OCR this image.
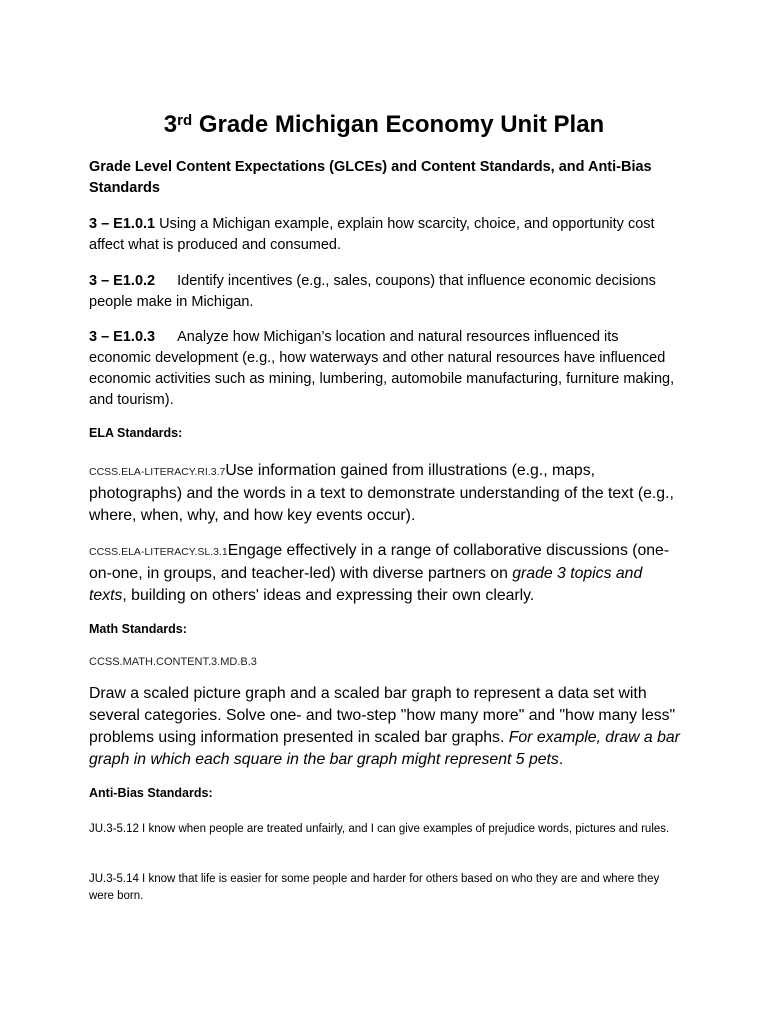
3rd Grade Michigan Economy Unit Plan
Grade Level Content Expectations (GLCEs) and Content Standards, and Anti-Bias Standards
3 – E1.0.1 Using a Michigan example, explain how scarcity, choice, and opportunity cost affect what is produced and consumed.
3 – E1.0.2 Identify incentives (e.g., sales, coupons) that influence economic decisions people make in Michigan.
3 – E1.0.3 Analyze how Michigan’s location and natural resources influenced its economic development (e.g., how waterways and other natural resources have influenced economic activities such as mining, lumbering, automobile manufacturing, furniture making, and tourism).
ELA Standards:
CCSS.ELA-LITERACY.RI.3.7Use information gained from illustrations (e.g., maps, photographs) and the words in a text to demonstrate understanding of the text (e.g., where, when, why, and how key events occur).
CCSS.ELA-LITERACY.SL.3.1Engage effectively in a range of collaborative discussions (one-on-one, in groups, and teacher-led) with diverse partners on grade 3 topics and texts, building on others' ideas and expressing their own clearly.
Math Standards:
CCSS.MATH.CONTENT.3.MD.B.3
Draw a scaled picture graph and a scaled bar graph to represent a data set with several categories. Solve one- and two-step "how many more" and "how many less" problems using information presented in scaled bar graphs. For example, draw a bar graph in which each square in the bar graph might represent 5 pets.
Anti-Bias Standards:
JU.3-5.12 I know when people are treated unfairly, and I can give examples of prejudice words, pictures and rules.
JU.3-5.14 I know that life is easier for some people and harder for others based on who they are and where they were born.
